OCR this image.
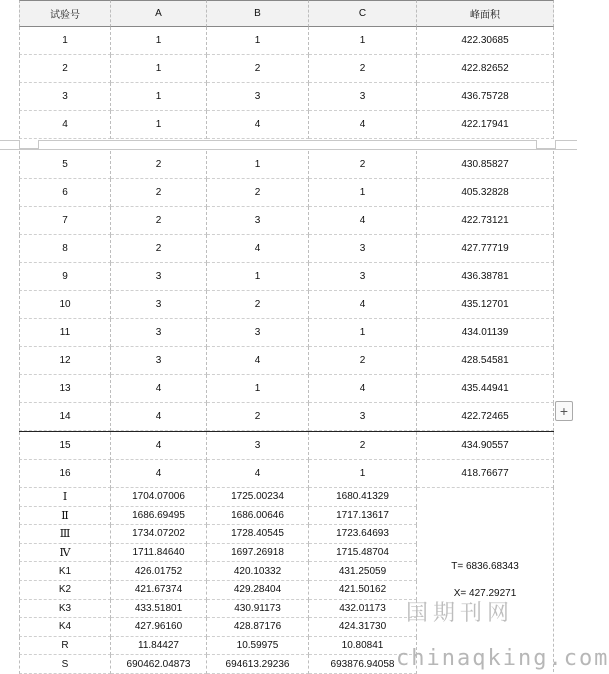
试验号	A	B	C	峰面积
1	1	1	1	422.30685
2	1	2	2	422.82652
3	1	3	3	436.75728
4	1	4	4	422.17941
5	2	1	2	430.85827
6	2	2	1	405.32828
7	2	3	4	422.73121
8	2	4	3	427.77719
9	3	1	3	436.38781
10	3	2	4	435.12701
11	3	3	1	434.01139
12	3	4	2	428.54581
13	4	1	4	435.44941
14	4	2	3	422.72465
15	4	3	2	434.90557
16	4	4	1	418.76677
Ⅰ	1704.07006	1725.00234	1680.41329
Ⅱ	1686.69495	1686.00646	1717.13617
Ⅲ	1734.07202	1728.40545	1723.64693
Ⅳ	1711.84640	1697.26918	1715.48704
K1	426.01752	420.10332	431.25059
K2	421.67374	429.28404	421.50162
K3	433.51801	430.91173	432.01173
K4	427.96160	428.87176	424.31730
R	11.84427	10.59975	10.80841
S	690462.04873	694613.29236	693876.94058
T= 6836.68343
X= 427.29271
+
国期刊网
chinaqking.com
